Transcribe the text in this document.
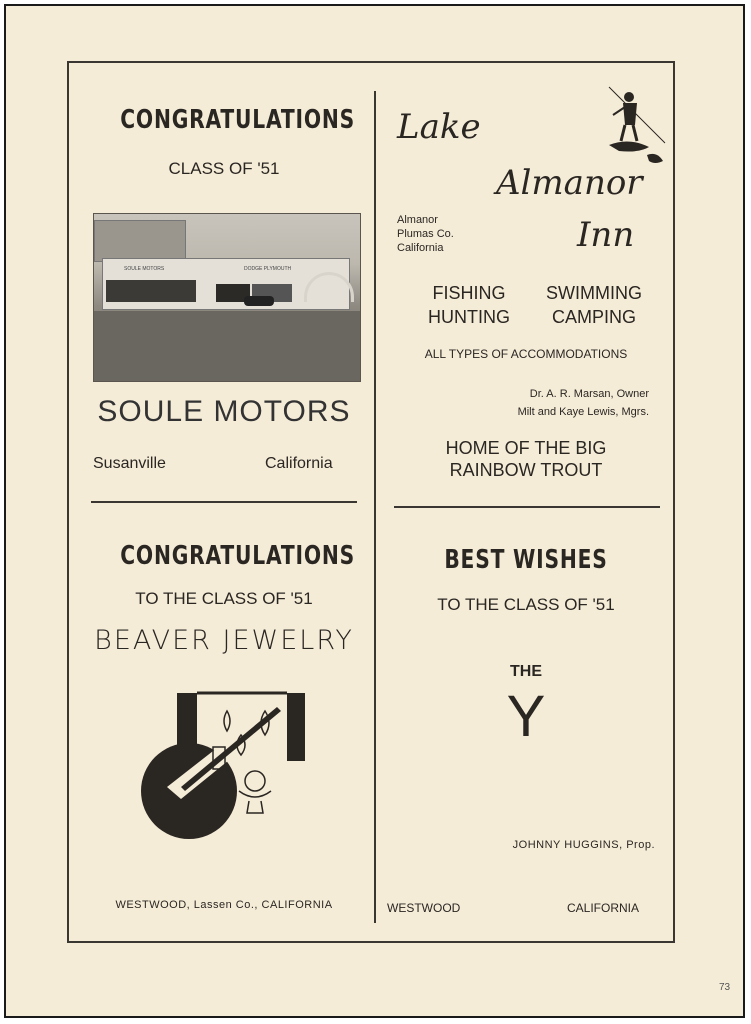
CONGRATULATIONS
CLASS OF '51
SOULE MOTORS	DODGE PLYMOUTH
SOULE MOTORS
Susanville	California
Lake
Almanor
Inn
Almanor
Plumas Co.
California
FISHING
HUNTING
SWIMMING
CAMPING
ALL TYPES OF ACCOMMODATIONS
Dr. A. R. Marsan, Owner
Milt and Kaye Lewis, Mgrs.
HOME OF THE BIG
RAINBOW TROUT
CONGRATULATIONS
TO THE CLASS OF '51
BEAVER JEWELRY
WESTWOOD, Lassen Co., CALIFORNIA
BEST WISHES
TO THE CLASS OF '51
THE
Y
JOHNNY HUGGINS, Prop.
WESTWOOD	CALIFORNIA
73
